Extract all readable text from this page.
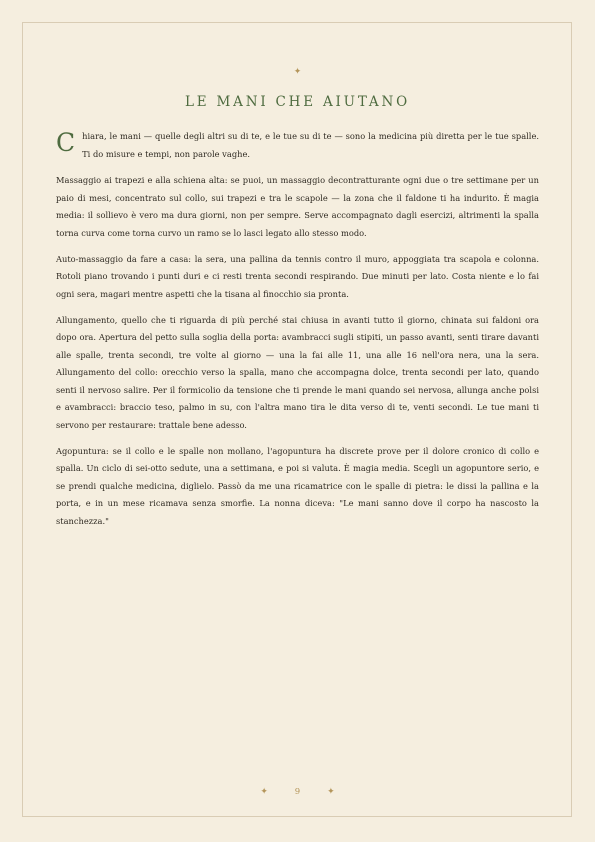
✦
LE MANI CHE AIUTANO

Chiara, le mani — quelle degli altri su di te, e le tue su di te — sono la medicina più diretta per le tue spalle. Ti do misure e tempi, non parole vaghe.

Massaggio ai trapezi e alla schiena alta: se puoi, un massaggio decontratturante ogni due o tre settimane per un paio di mesi, concentrato sul collo, sui trapezi e tra le scapole — la zona che il faldone ti ha indurito. È magia media: il sollievo è vero ma dura giorni, non per sempre. Serve accompagnato dagli esercizi, altrimenti la spalla torna curva come torna curvo un ramo se lo lasci legato allo stesso modo.

Auto-massaggio da fare a casa: la sera, una pallina da tennis contro il muro, appoggiata tra scapola e colonna. Rotoli piano trovando i punti duri e ci resti trenta secondi respirando. Due minuti per lato. Costa niente e lo fai ogni sera, magari mentre aspetti che la tisana al finocchio sia pronta.

Allungamento, quello che ti riguarda di più perché stai chiusa in avanti tutto il giorno, chinata sui faldoni ora dopo ora. Apertura del petto sulla soglia della porta: avambracci sugli stipiti, un passo avanti, senti tirare davanti alle spalle, trenta secondi, tre volte al giorno — una la fai alle 11, una alle 16 nell'ora nera, una la sera. Allungamento del collo: orecchio verso la spalla, mano che accompagna dolce, trenta secondi per lato, quando senti il nervoso salire. Per il formicolio da tensione che ti prende le mani quando sei nervosa, allunga anche polsi e avambracci: braccio teso, palmo in su, con l'altra mano tira le dita verso di te, venti secondi. Le tue mani ti servono per restaurare: trattale bene adesso.

Agopuntura: se il collo e le spalle non mollano, l'agopuntura ha discrete prove per il dolore cronico di collo e spalla. Un ciclo di sei-otto sedute, una a settimana, e poi si valuta. È magia media. Scegli un agopuntore serio, e se prendi qualche medicina, diglielo. Passò da me una ricamatrice con le spalle di pietra: le dissi la pallina e la porta, e in un mese ricamava senza smorfie. La nonna diceva: "Le mani sanno dove il corpo ha nascosto la stanchezza."

✦	9	✦
